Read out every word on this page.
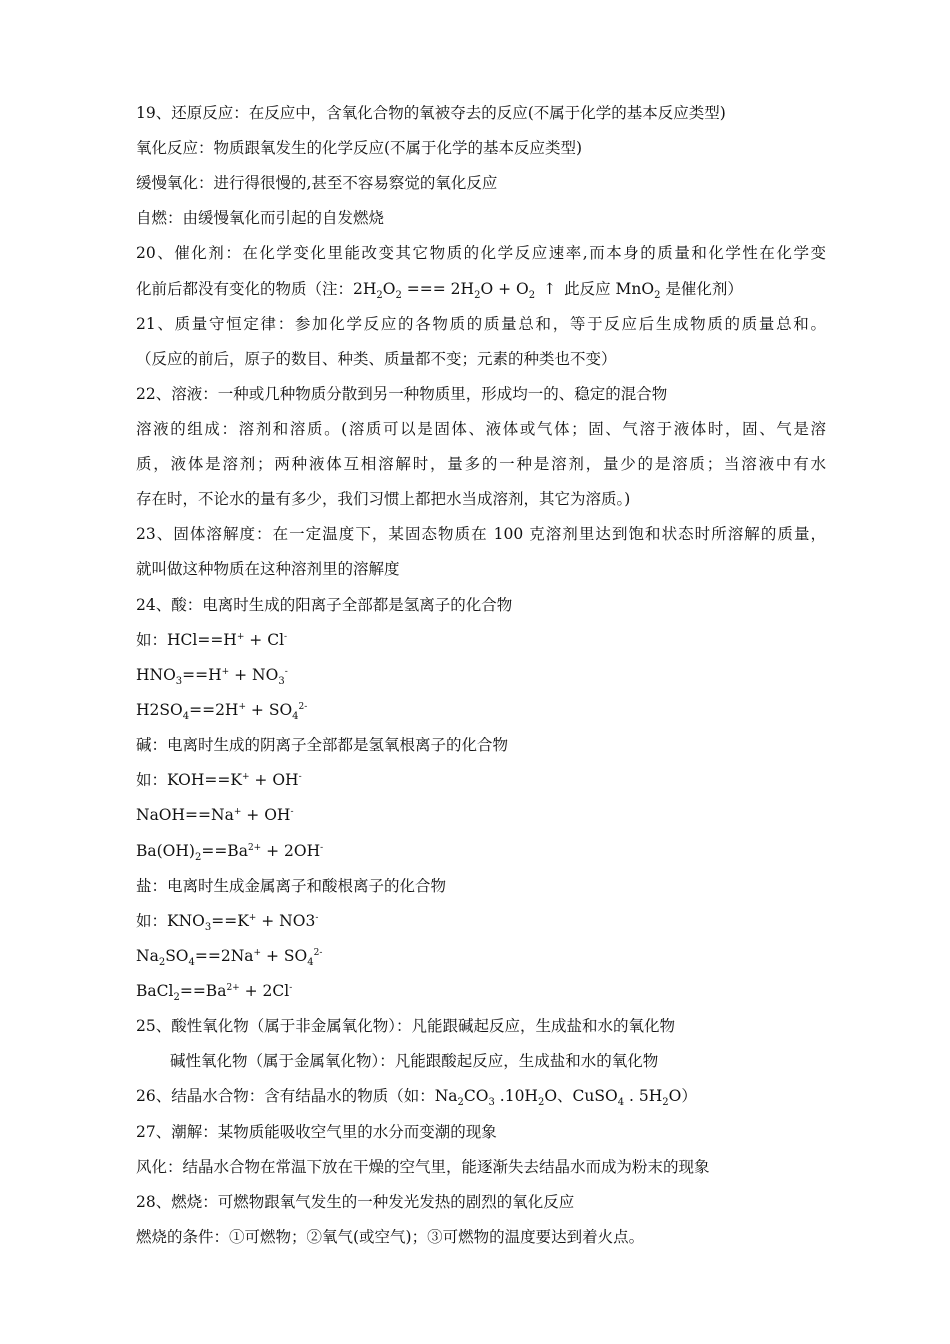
19、还原反应：在反应中，含氧化合物的氧被夺去的反应(不属于化学的基本反应类型)
氧化反应：物质跟氧发生的化学反应(不属于化学的基本反应类型)
缓慢氧化：进行得很慢的,甚至不容易察觉的氧化反应
自燃：由缓慢氧化而引起的自发燃烧
20、催化剂：在化学变化里能改变其它物质的化学反应速率,而本身的质量和化学性在化学变
化前后都没有变化的物质（注：$2H_2O_2$ === $2H_2O + O_2$ ↑ 此反应 MnO$_2$ 是催化剂）
21、质量守恒定律：参加化学反应的各物质的质量总和，等于反应后生成物质的质量总和。
（反应的前后，原子的数目、种类、质量都不变；元素的种类也不变）
22、溶液：一种或几种物质分散到另一种物质里，形成均一的、稳定的混合物
溶液的组成：溶剂和溶质。(溶质可以是固体、液体或气体；固、气溶于液体时，固、气是溶
质，液体是溶剂；两种液体互相溶解时，量多的一种是溶剂，量少的是溶质；当溶液中有水
存在时，不论水的量有多少，我们习惯上都把水当成溶剂，其它为溶质。)
23、固体溶解度：在一定温度下，某固态物质在 100 克溶剂里达到饱和状态时所溶解的质量，
就叫做这种物质在这种溶剂里的溶解度
24、酸：电离时生成的阳离子全部都是氢离子的化合物
如：HCl==H+ + Cl-
$HNO_3==H^+ + NO_3^-$
$H2SO_4==2H^+ + SO_4^{2-}$
碱：电离时生成的阴离子全部都是氢氧根离子的化合物
如：KOH==K+ + OH-
NaOH==Na+ + OH-
$Ba(OH)_2==Ba^{2+} + 2OH^-$
盐：电离时生成金属离子和酸根离子的化合物
如：$KNO_3==K^+ + NO3^-$
$Na_2SO_4==2Na^+ + SO_4^{2-}$
$BaCl_2==Ba^{2+} + 2Cl^-$
25、酸性氧化物（属于非金属氧化物）：凡能跟碱起反应，生成盐和水的氧化物
碱性氧化物（属于金属氧化物）：凡能跟酸起反应，生成盐和水的氧化物
26、结晶水合物：含有结晶水的物质（如：$Na_2CO_3$ $.10H_2O$、CuSO$_4$ . $5H_2O$）
27、潮解：某物质能吸收空气里的水分而变潮的现象
风化：结晶水合物在常温下放在干燥的空气里，能逐渐失去结晶水而成为粉末的现象
28、燃烧：可燃物跟氧气发生的一种发光发热的剧烈的氧化反应
燃烧的条件：①可燃物；②氧气(或空气)；③可燃物的温度要达到着火点。
